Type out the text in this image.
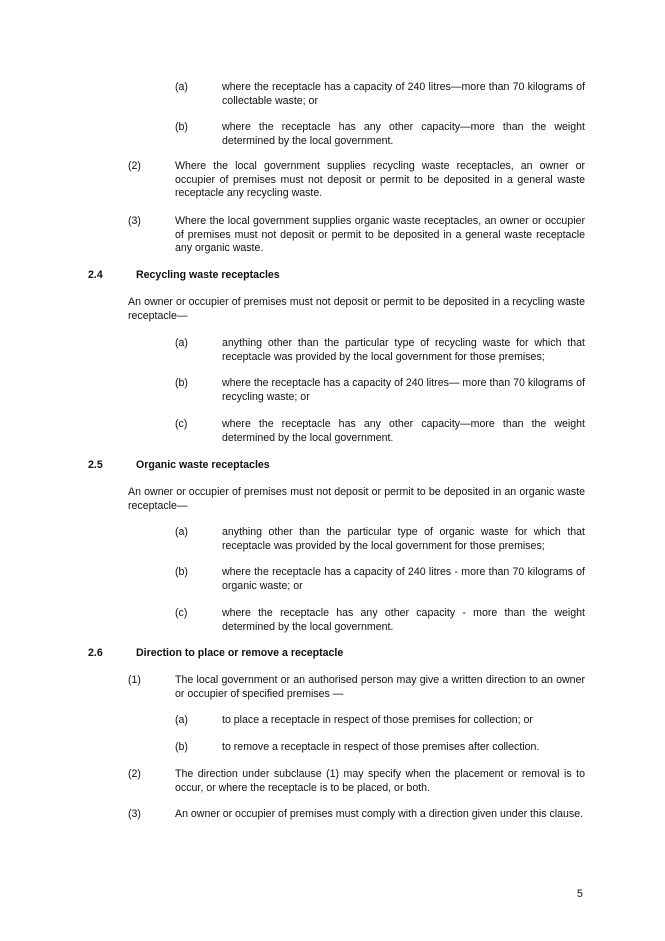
(a)	where the receptacle has a capacity of 240 litres—more than 70 kilograms of collectable waste; or
(b)	where the receptacle has any other capacity—more than the weight determined by the local government.
(2)	Where the local government supplies recycling waste receptacles, an owner or occupier of premises must not deposit or permit to be deposited in a general waste receptacle any recycling waste.
(3)	Where the local government supplies organic waste receptacles, an owner or occupier of premises must not deposit or permit to be deposited in a general waste receptacle any organic waste.
2.4	Recycling waste receptacles
An owner or occupier of premises must not deposit or permit to be deposited in a recycling waste receptacle—
(a)	anything other than the particular type of recycling waste for which that receptacle was provided by the local government for those premises;
(b)	where the receptacle has a capacity of 240 litres— more than 70 kilograms of recycling waste; or
(c)	where the receptacle has any other capacity—more than the weight determined by the local government.
2.5	Organic waste receptacles
An owner or occupier of premises must not deposit or permit to be deposited in an organic waste receptacle—
(a)	anything other than the particular type of organic waste for which that receptacle was provided by the local government for those premises;
(b)	where the receptacle has a capacity of 240 litres - more than 70 kilograms of organic waste; or
(c)	where the receptacle has any other capacity - more than the weight determined by the local government.
2.6	Direction to place or remove a receptacle
(1)	The local government or an authorised person may give a written direction to an owner or occupier of specified premises —
(a)	to place a receptacle in respect of those premises for collection; or
(b)	to remove a receptacle in respect of those premises after collection.
(2)	The direction under subclause (1) may specify when the placement or removal is to occur, or where the receptacle is to be placed, or both.
(3)	An owner or occupier of premises must comply with a direction given under this clause.
5
